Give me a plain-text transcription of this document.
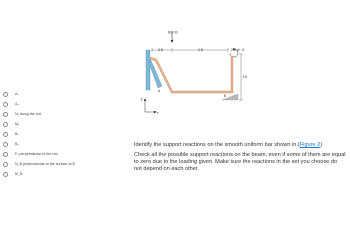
Aₓ
Aᵧ
Nₐ along the rod
Mₐ
Bₓ
Bᵧ
Fₐ perpendicular to the rod
N_B perpendicular to the surface at B
M_B
800 lb
3 ft	3 ft	200 lb · ft
3 ft
A
B
y
x
Identify the support reactions on the smooth uniform bar shown in (Figure 2)
Check all the possible support reactions on the beam, even if some of them are equal to zero due to the loading given. Make sure the reactions in the set you choose do not depend on each other.
